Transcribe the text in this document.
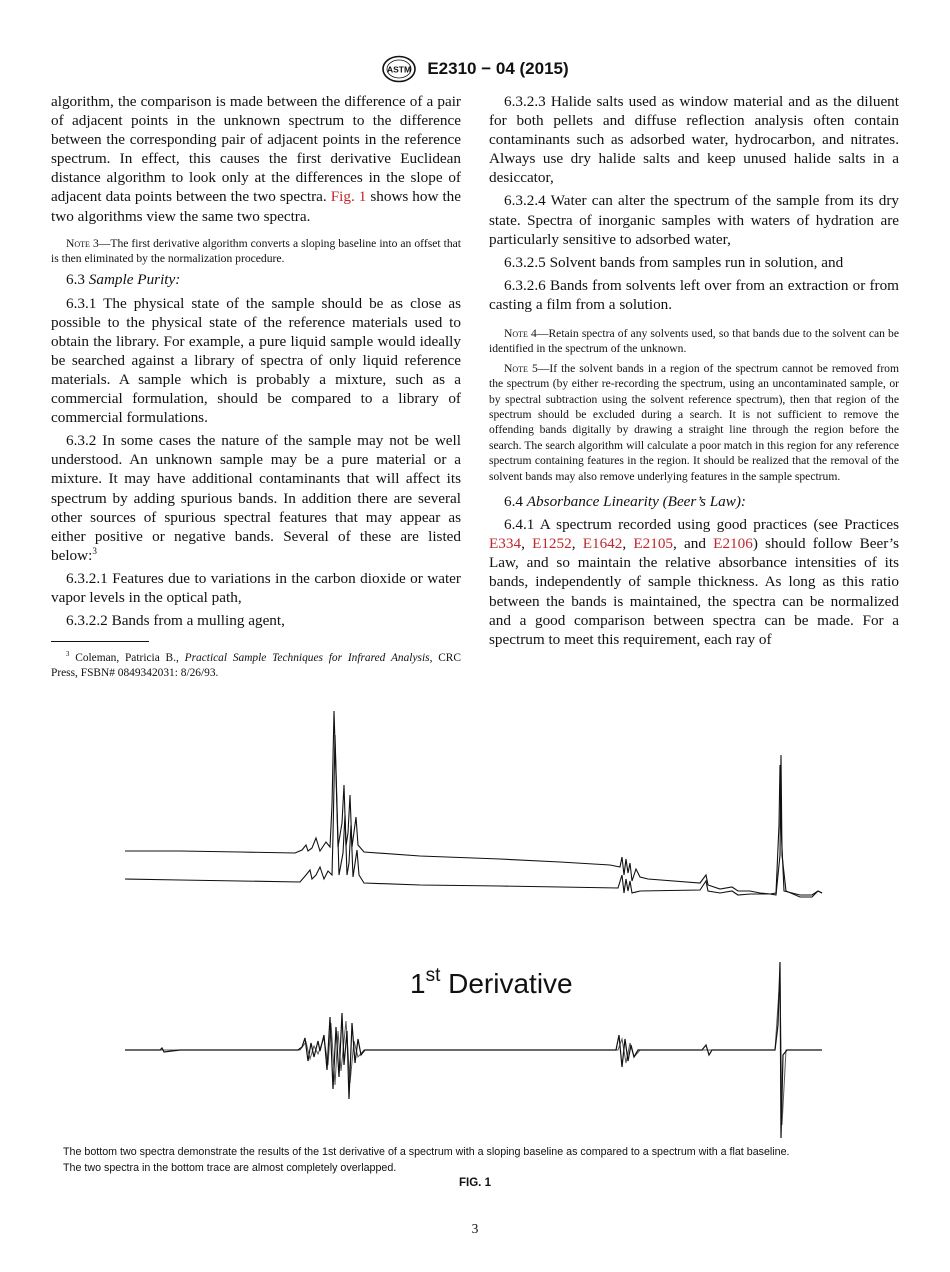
ASTM E2310 − 04 (2015)

algorithm, the comparison is made between the difference of a pair of adjacent points in the unknown spectrum to the difference between the corresponding pair of adjacent points in the reference spectrum. In effect, this causes the first derivative Euclidean distance algorithm to look only at the differences in the slope of adjacent data points between the two spectra. Fig. 1 shows how the two algorithms view the same two spectra.

Note 3—The first derivative algorithm converts a sloping baseline into an offset that is then eliminated by the normalization procedure.

6.3 Sample Purity:

6.3.1 The physical state of the sample should be as close as possible to the physical state of the reference materials used to obtain the library. For example, a pure liquid sample would ideally be searched against a library of spectra of only liquid reference materials. A sample which is probably a mixture, such as a commercial formulation, should be compared to a library of commercial formulations.

6.3.2 In some cases the nature of the sample may not be well understood. An unknown sample may be a pure material or a mixture. It may have additional contaminants that will affect its spectrum by adding spurious bands. In addition there are several other sources of spurious spectral features that may appear as either positive or negative bands. Several of these are listed below:$^3$

6.3.2.1 Features due to variations in the carbon dioxide or water vapor levels in the optical path,

6.3.2.2 Bands from a mulling agent,

$^3$ Coleman, Patricia B., Practical Sample Techniques for Infrared Analysis, CRC Press, FSBN# 0849342031: 8/26/93.

6.3.2.3 Halide salts used as window material and as the diluent for both pellets and diffuse reflection analysis often contain contaminants such as adsorbed water, hydrocarbon, and nitrates. Always use dry halide salts and keep unused halide salts in a desiccator,

6.3.2.4 Water can alter the spectrum of the sample from its dry state. Spectra of inorganic samples with waters of hydration are particularly sensitive to adsorbed water,

6.3.2.5 Solvent bands from samples run in solution, and

6.3.2.6 Bands from solvents left over from an extraction or from casting a film from a solution.

Note 4—Retain spectra of any solvents used, so that bands due to the solvent can be identified in the spectrum of the unknown.

Note 5—If the solvent bands in a region of the spectrum cannot be removed from the spectrum (by either re-recording the spectrum, using an uncontaminated sample, or by spectral subtraction using the solvent reference spectrum), then that region of the spectrum should be excluded during a search. It is not sufficient to remove the offending bands digitally by drawing a straight line through the region before the search. The search algorithm will calculate a poor match in this region for any reference spectrum containing features in the region. It should be realized that the removal of the solvent bands may also remove underlying features in the sample spectrum.

6.4 Absorbance Linearity (Beer’s Law):

6.4.1 A spectrum recorded using good practices (see Practices E334, E1252, E1642, E2105, and E2106) should follow Beer’s Law, and so maintain the relative absorbance intensities of its bands, independently of sample thickness. As long as this ratio between the bands is maintained, the spectra can be normalized and a good comparison between spectra can be made. For a spectrum to meet this requirement, each ray of

1st Derivative
The bottom two spectra demonstrate the results of the 1st derivative of a spectrum with a sloping baseline as compared to a spectrum with a flat baseline.
The two spectra in the bottom trace are almost completely overlapped.
FIG. 1
3
